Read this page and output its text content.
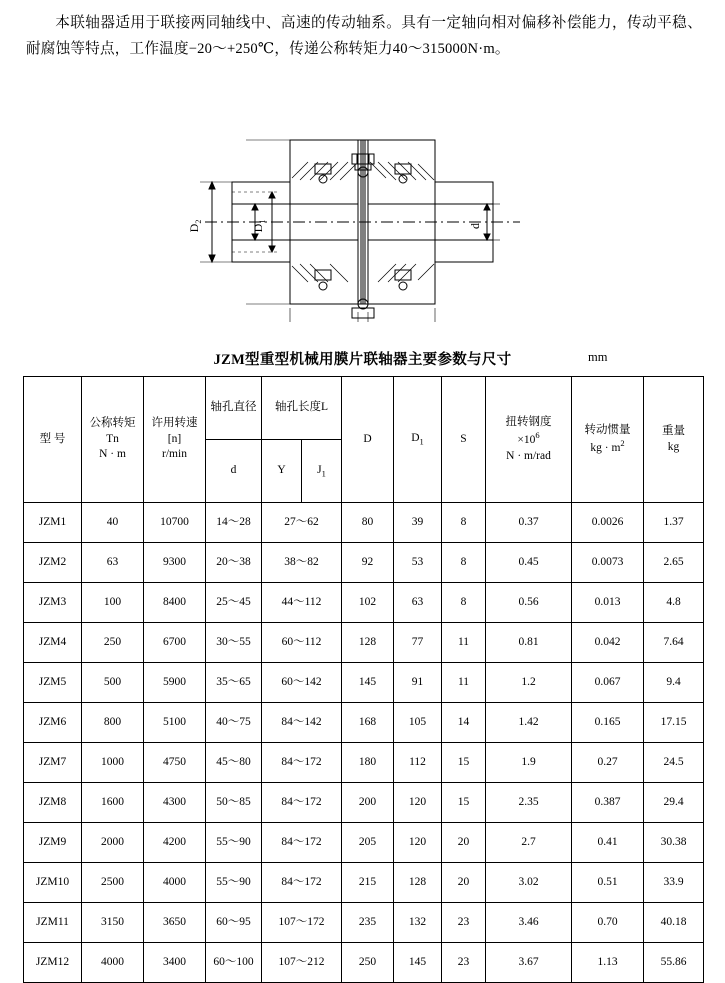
本联轴器适用于联接两同轴线中、高速的传动轴系。具有一定轴向相对偏移补偿能力，传动平稳、耐腐蚀等特点，工作温度−20～+250℃，传递公称转矩力40～315000N·m。
$D_2$
$D_1$
d
JZM型重型机械用膜片联轴器主要参数与尺寸	mm
型 号	公称转矩
Tn
N · m	许用转速
[n]
r/min	轴孔直径	轴孔长度L		D	$D_1$	S	扭转钢度
$\times 10^6$
N · m/rad	转动惯量
kg · $m^2$	重量
kg

			d	Y	$J_1$
JZM1	40	10700	14～28	27～62		80	39	8	0.37	0.0026	1.37
JZM2	63	9300	20～38	38～82		92	53	8	0.45	0.0073	2.65
JZM3	100	8400	25～45	44～112		102	63	8	0.56	0.013	4.8
JZM4	250	6700	30～55	60～112		128	77	11	0.81	0.042	7.64
JZM5	500	5900	35～65	60～142		145	91	11	1.2	0.067	9.4
JZM6	800	5100	40～75	84～142		168	105	14	1.42	0.165	17.15
JZM7	1000	4750	45～80	84～172		180	112	15	1.9	0.27	24.5
JZM8	1600	4300	50～85	84～172		200	120	15	2.35	0.387	29.4
JZM9	2000	4200	55～90	84～172		205	120	20	2.7	0.41	30.38
JZM10	2500	4000	55～90	84～172		215	128	20	3.02	0.51	33.9
JZM11	3150	3650	60～95	107～172		235	132	23	3.46	0.70	40.18
JZM12	4000	3400	60～100	107～212		250	145	23	3.67	1.13	55.86
